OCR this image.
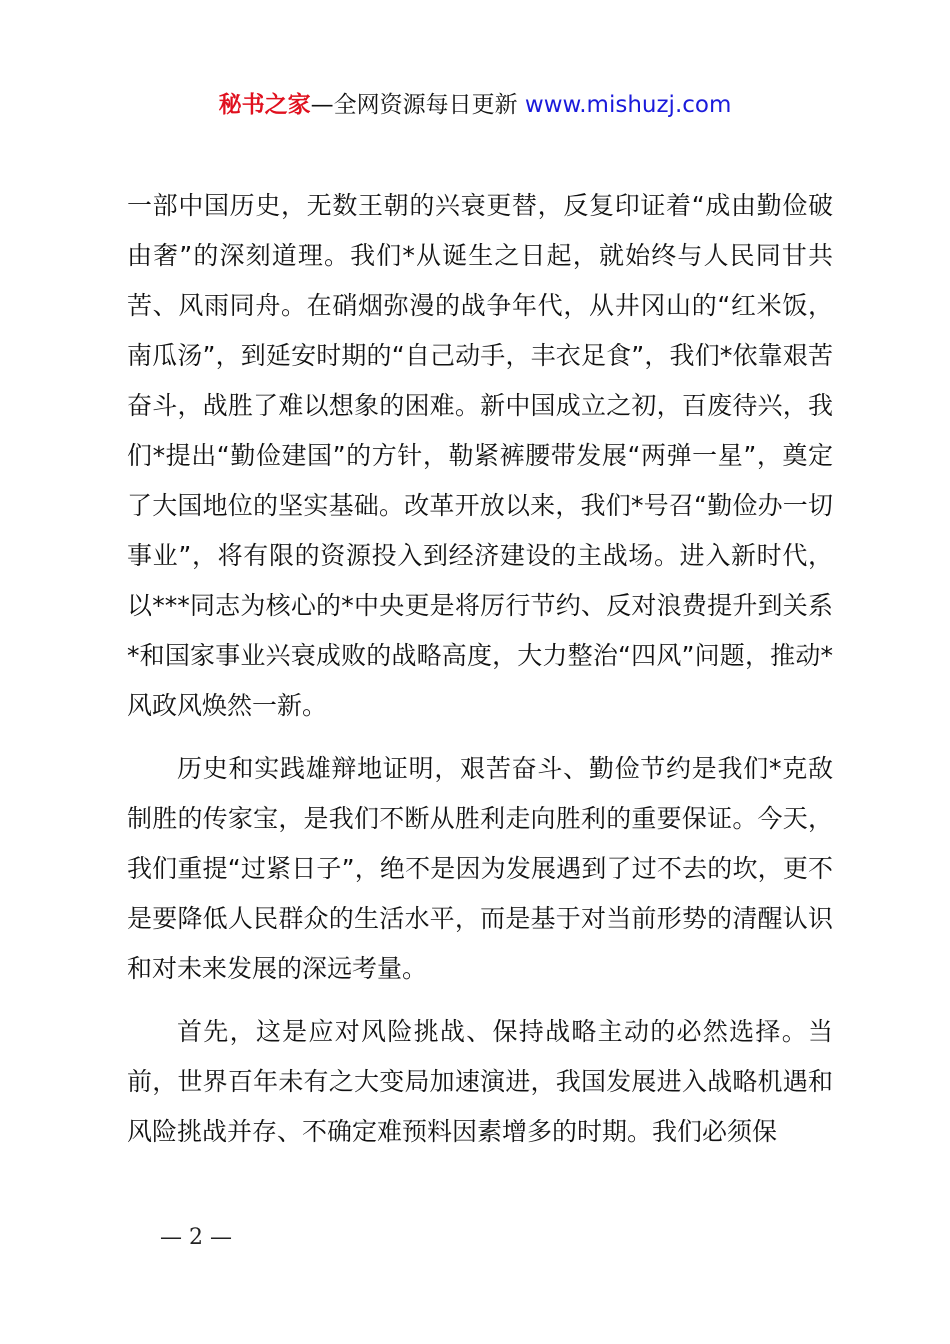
秘书之家—全网资源每日更新 www.mishuzj.com

一部中国历史，无数王朝的兴衰更替，反复印证着“成由勤俭破由奢”的深刻道理。我们*从诞生之日起，就始终与人民同甘共苦、风雨同舟。在硝烟弥漫的战争年代，从井冈山的“红米饭，南瓜汤”，到延安时期的“自己动手，丰衣足食”，我们*依靠艰苦奋斗，战胜了难以想象的困难。新中国成立之初，百废待兴，我们*提出“勤俭建国”的方针，勒紧裤腰带发展“两弹一星”，奠定了大国地位的坚实基础。改革开放以来，我们*号召“勤俭办一切事业”，将有限的资源投入到经济建设的主战场。进入新时代，以***同志为核心的*中央更是将厉行节约、反对浪费提升到关系*和国家事业兴衰成败的战略高度，大力整治“四风”问题，推动*风政风焕然一新。

历史和实践雄辩地证明，艰苦奋斗、勤俭节约是我们*克敌制胜的传家宝，是我们不断从胜利走向胜利的重要保证。今天，我们重提“过紧日子”，绝不是因为发展遇到了过不去的坎，更不是要降低人民群众的生活水平，而是基于对当前形势的清醒认识和对未来发展的深远考量。

首先，这是应对风险挑战、保持战略主动的必然选择。当前，世界百年未有之大变局加速演进，我国发展进入战略机遇和风险挑战并存、不确定难预料因素增多的时期。我们必须保

— 2 —
